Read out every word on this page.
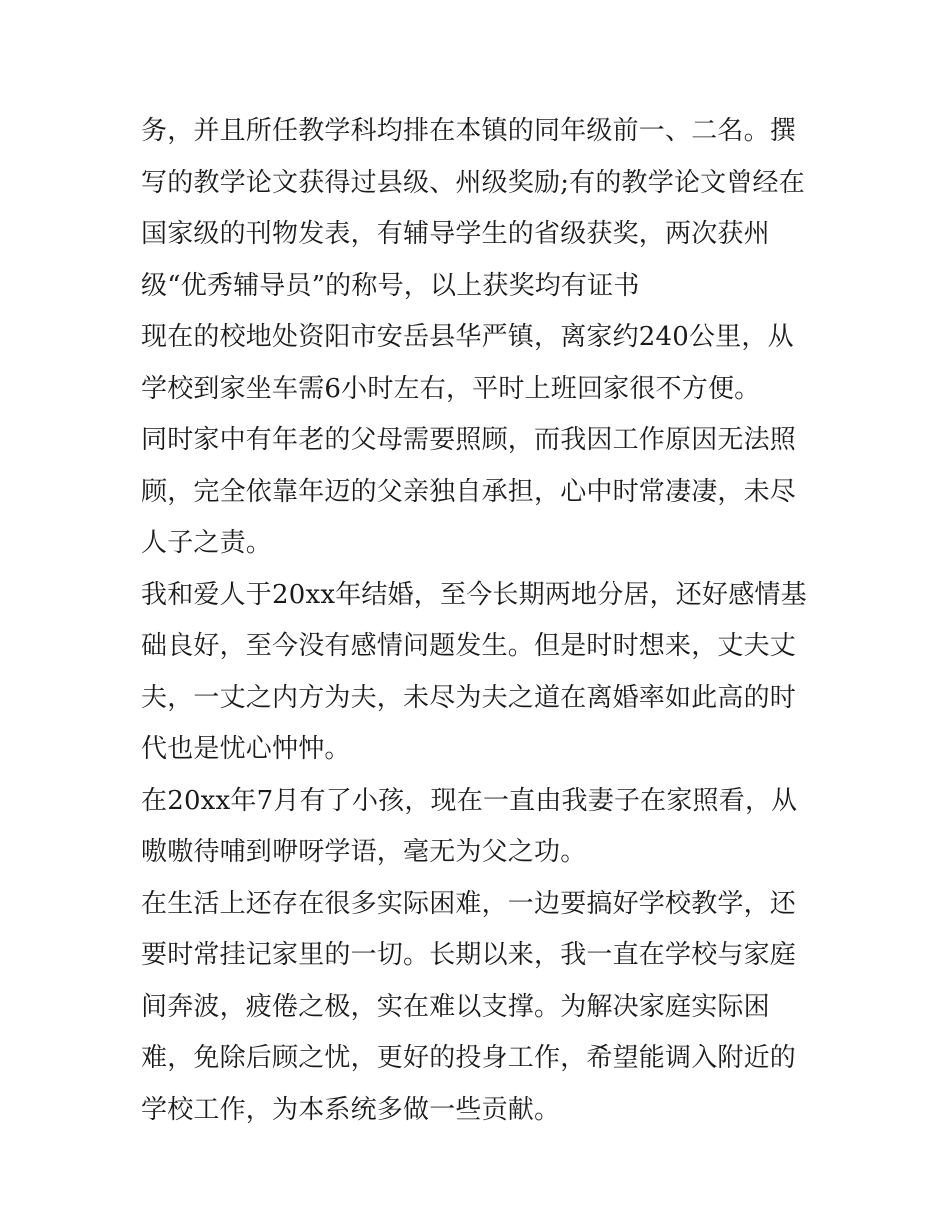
务，并且所任教学科均排在本镇的同年级前一、二名。撰写的教学论文获得过县级、州级奖励;有的教学论文曾经在国家级的刊物发表，有辅导学生的省级获奖，两次获州级“优秀辅导员”的称号，以上获奖均有证书

现在的校地处资阳市安岳县华严镇，离家约240公里，从学校到家坐车需6小时左右，平时上班回家很不方便。

同时家中有年老的父母需要照顾，而我因工作原因无法照顾，完全依靠年迈的父亲独自承担，心中时常凄凄，未尽人子之责。

我和爱人于20xx年结婚，至今长期两地分居，还好感情基础良好，至今没有感情问题发生。但是时时想来，丈夫丈夫，一丈之内方为夫，未尽为夫之道在离婚率如此高的时代也是忧心忡忡。

在20xx年7月有了小孩，现在一直由我妻子在家照看，从嗷嗷待哺到咿呀学语，毫无为父之功。

在生活上还存在很多实际困难，一边要搞好学校教学，还要时常挂记家里的一切。长期以来，我一直在学校与家庭间奔波，疲倦之极，实在难以支撑。为解决家庭实际困难，免除后顾之忧，更好的投身工作，希望能调入附近的学校工作，为本系统多做一些贡献。
